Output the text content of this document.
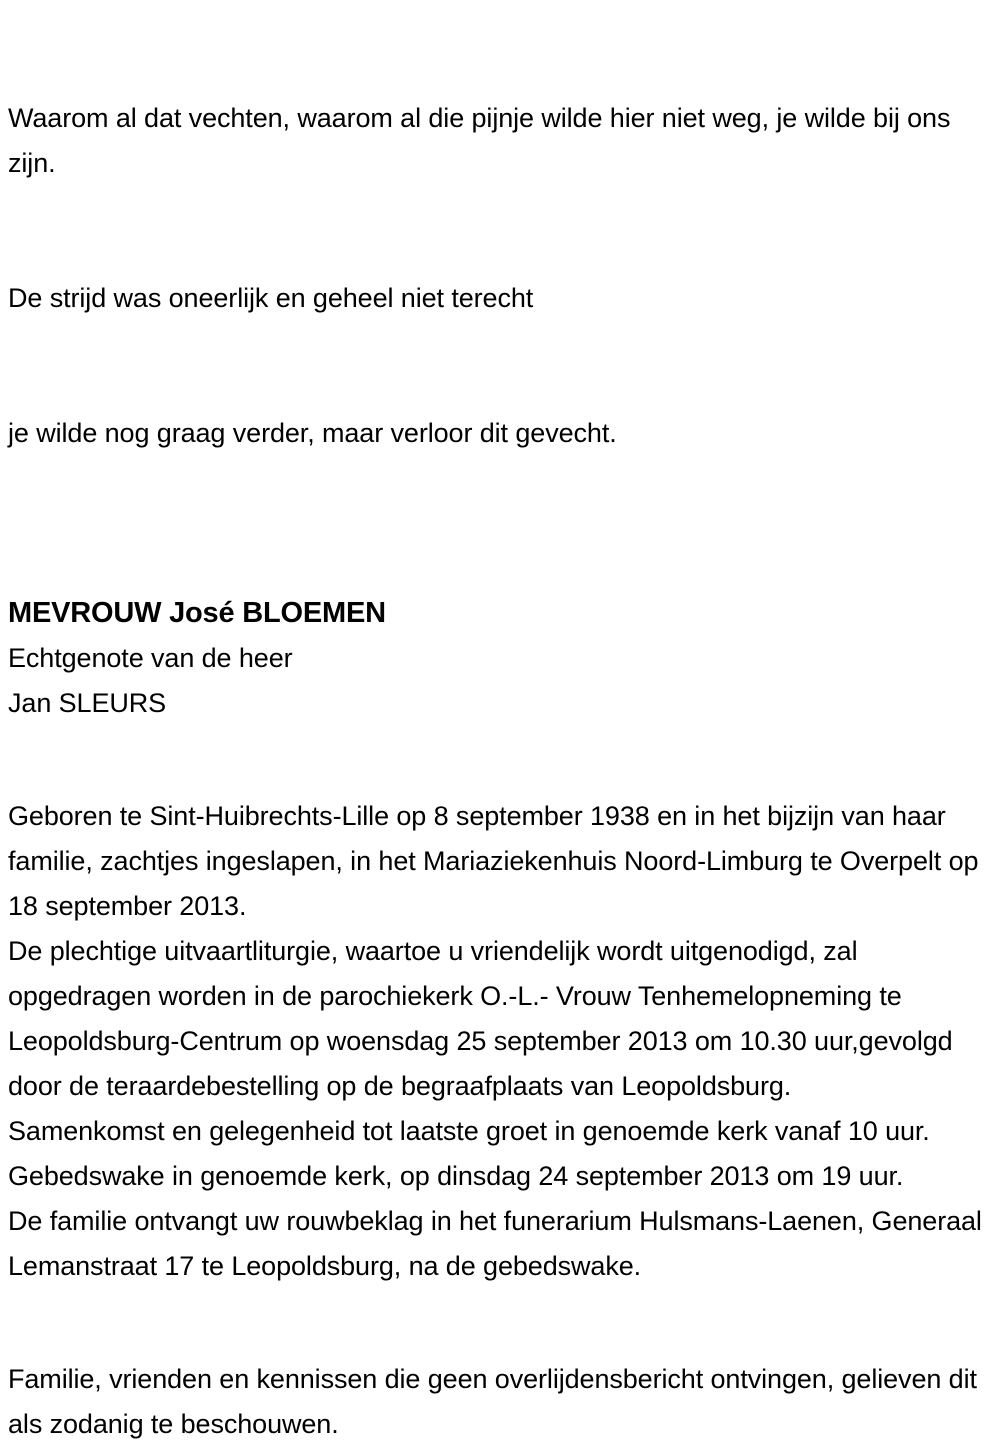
Waarom al dat vechten, waarom al die pijnje wilde hier niet weg, je wilde bij ons zijn.

De strijd was oneerlijk en geheel niet terecht

je wilde nog graag verder, maar verloor dit gevecht.

MEVROUW José BLOEMEN

Echtgenote van de heer

Jan SLEURS

Geboren te Sint-Huibrechts-Lille op 8 september 1938 en in het bijzijn van haar familie, zachtjes ingeslapen, in het Mariaziekenhuis Noord-Limburg te Overpelt op 18 september 2013.

De plechtige uitvaartliturgie, waartoe u vriendelijk wordt uitgenodigd, zal opgedragen worden in de parochiekerk O.-L.- Vrouw Tenhemelopneming te Leopoldsburg-Centrum op woensdag 25 september 2013 om 10.30 uur,gevolgd door de teraardebestelling op de begraafplaats van Leopoldsburg.

Samenkomst en gelegenheid tot laatste groet in genoemde kerk vanaf 10 uur.

Gebedswake in genoemde kerk, op dinsdag 24 september 2013 om 19 uur.

De familie ontvangt uw rouwbeklag in het funerarium Hulsmans-Laenen, Generaal Lemanstraat 17 te Leopoldsburg, na de gebedswake.

Familie, vrienden en kennissen die geen overlijdensbericht ontvingen, gelieven dit als zodanig te beschouwen.
